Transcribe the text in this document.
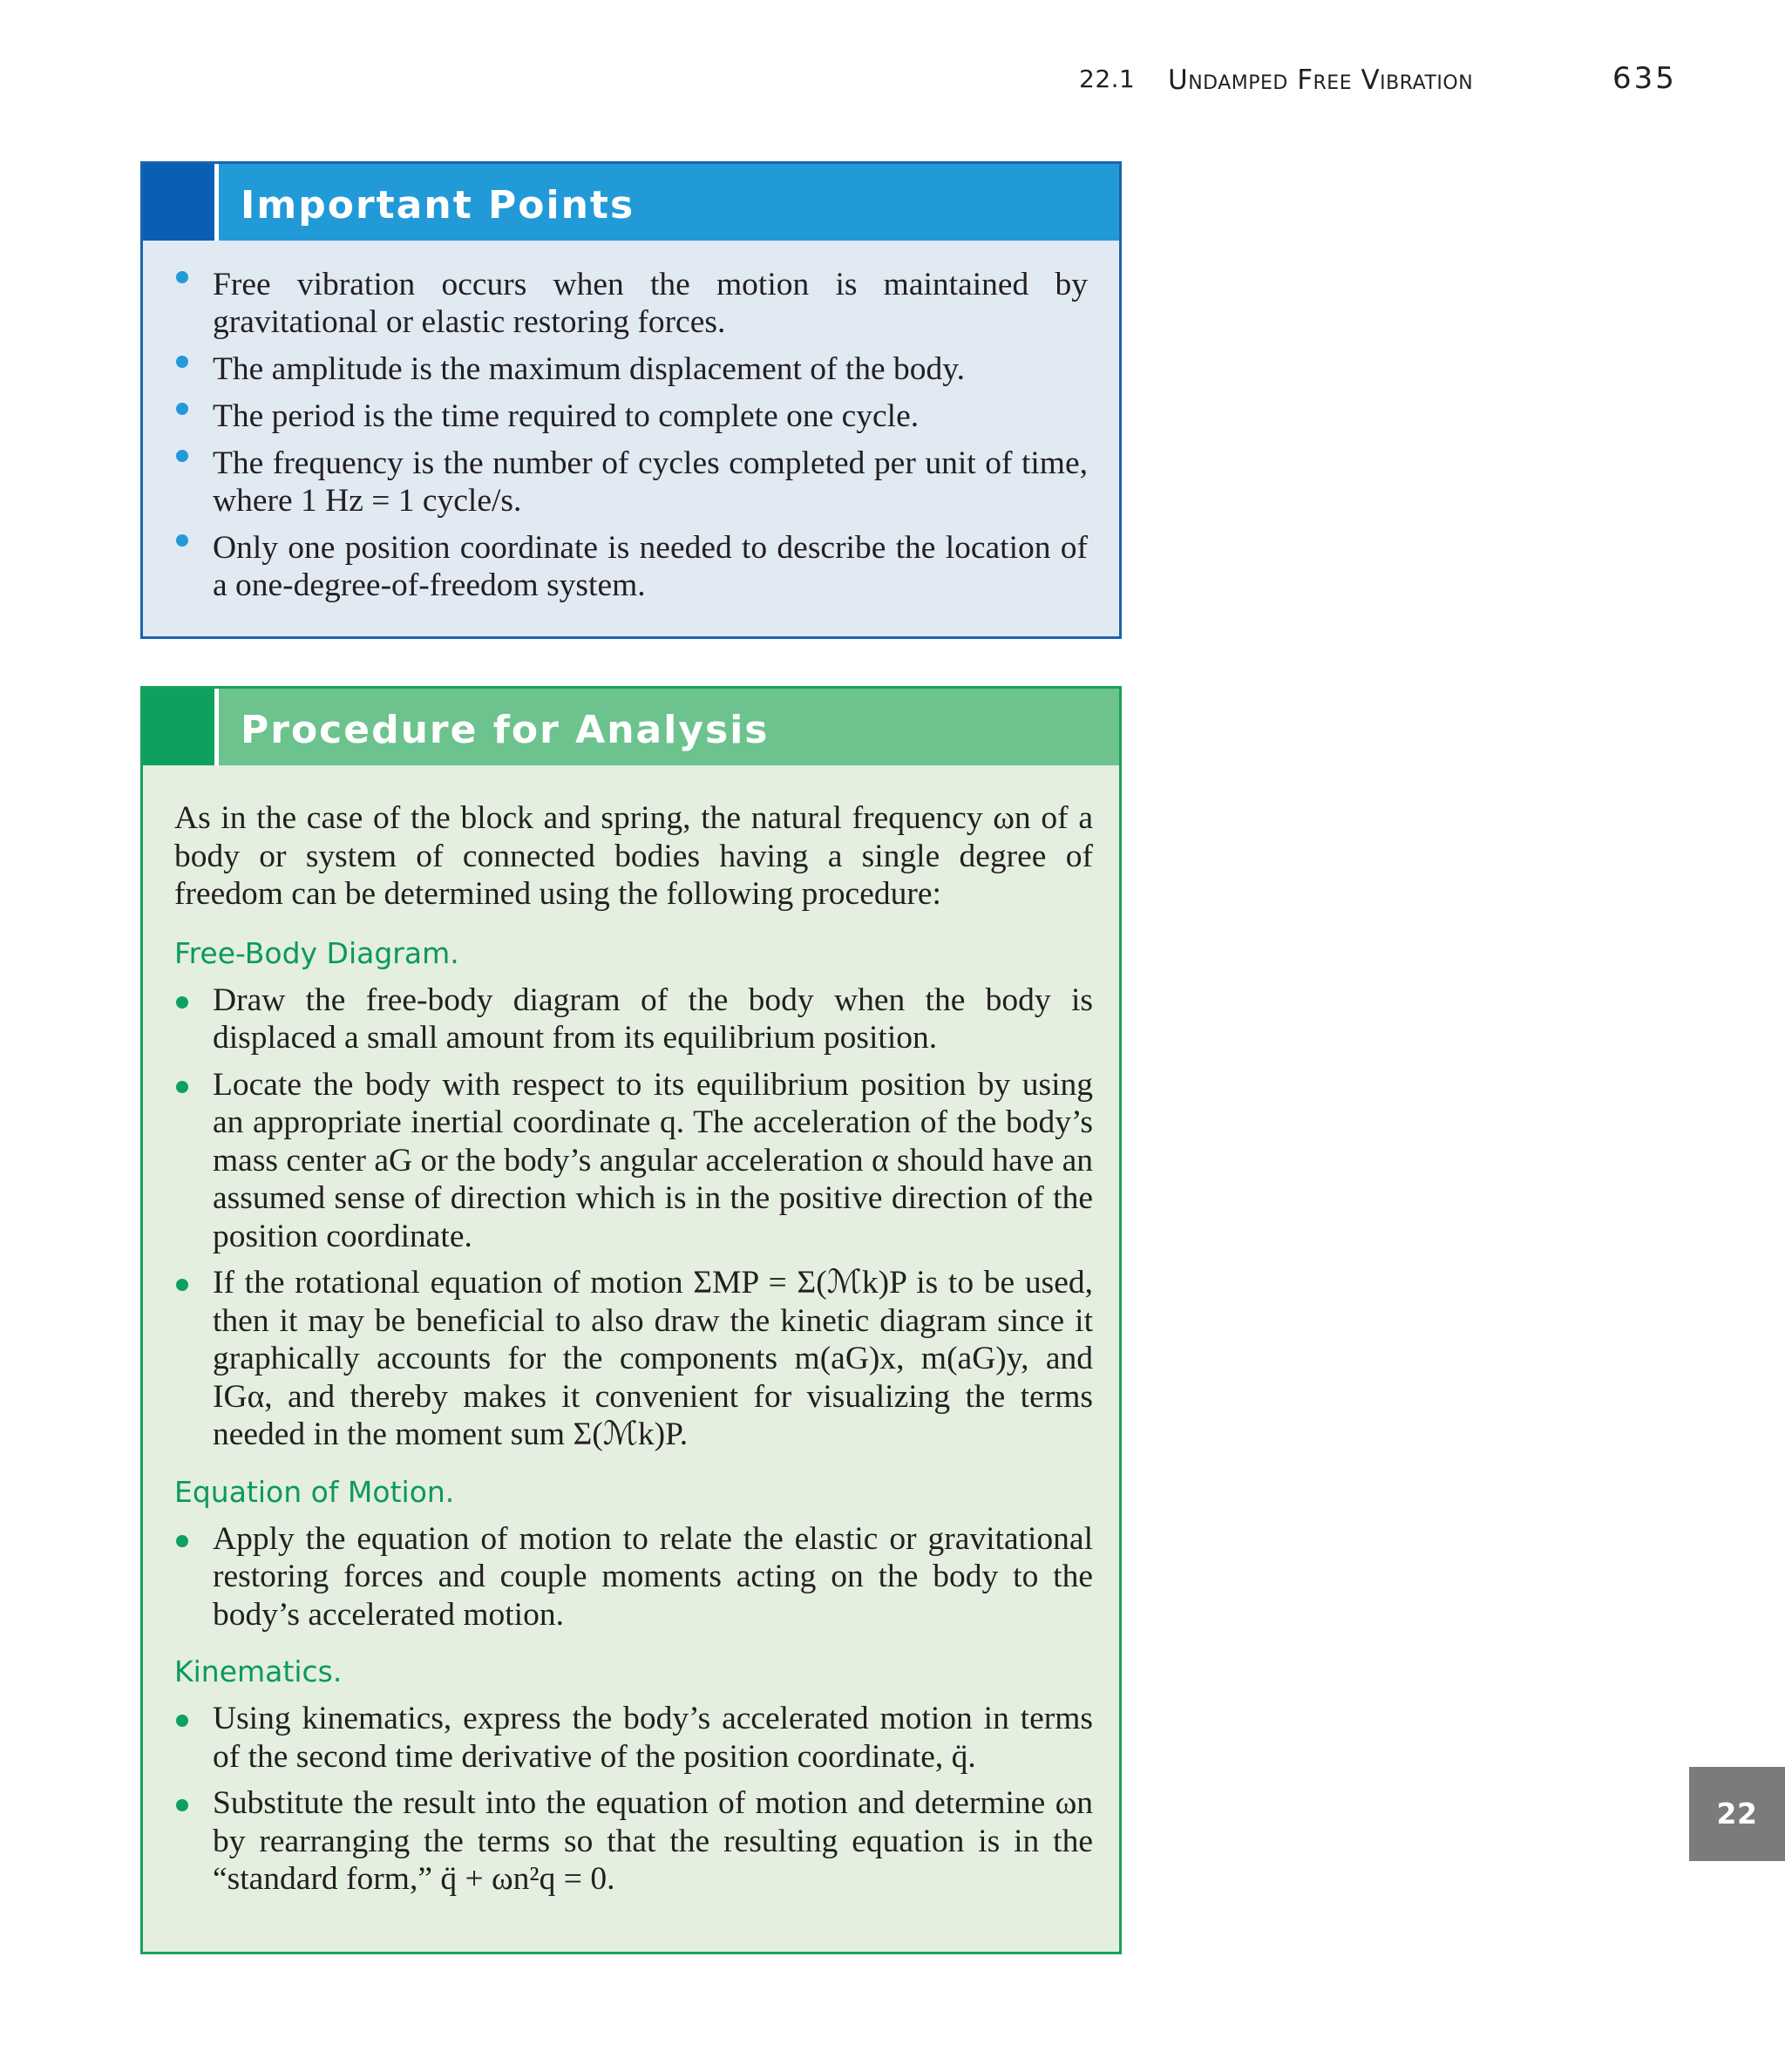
22.1 Undamped Free Vibration	635
Important Points
Free vibration occurs when the motion is maintained by gravitational or elastic restoring forces.
The amplitude is the maximum displacement of the body.
The period is the time required to complete one cycle.
The frequency is the number of cycles completed per unit of time, where 1 Hz = 1 cycle/s.
Only one position coordinate is needed to describe the location of a one-degree-of-freedom system.
Procedure for Analysis

As in the case of the block and spring, the natural frequency ωn of a body or system of connected bodies having a single degree of freedom can be determined using the following procedure:

Free-Body Diagram.
Draw the free-body diagram of the body when the body is displaced a small amount from its equilibrium position.
Locate the body with respect to its equilibrium position by using an appropriate inertial coordinate q. The acceleration of the body’s mass center aG or the body’s angular acceleration α should have an assumed sense of direction which is in the positive direction of the position coordinate.
If the rotational equation of motion ΣMP = Σ(ℳk)P is to be used, then it may be beneficial to also draw the kinetic diagram since it graphically accounts for the components m(aG)x, m(aG)y, and IGα, and thereby makes it convenient for visualizing the terms needed in the moment sum Σ(ℳk)P.
Equation of Motion.
Apply the equation of motion to relate the elastic or gravitational restoring forces and couple moments acting on the body to the body’s accelerated motion.
Kinematics.
Using kinematics, express the body’s accelerated motion in terms of the second time derivative of the position coordinate, q̈.
Substitute the result into the equation of motion and determine ωn by rearranging the terms so that the resulting equation is in the “standard form,” q̈ + ωn²q = 0.
22
